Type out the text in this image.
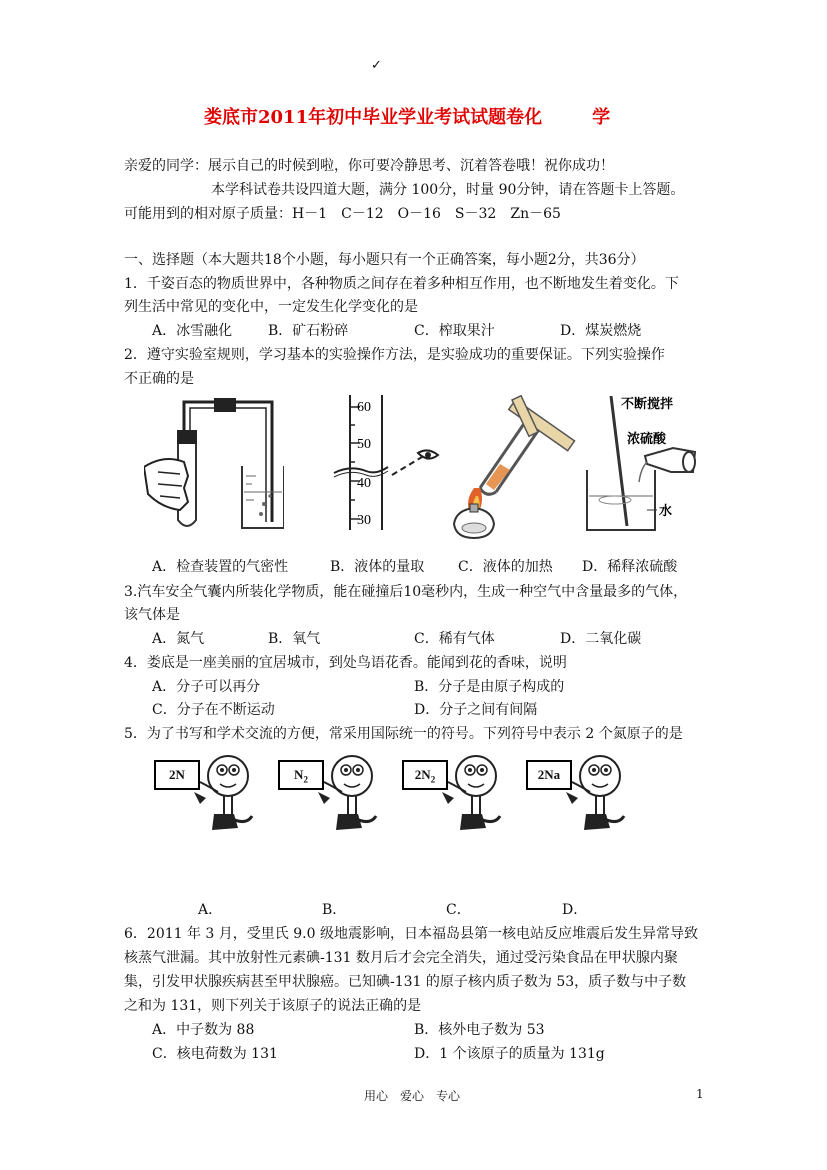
✓
娄底市2011年初中毕业学业考试试题卷化	学
亲爱的同学：展示自己的时候到啦，你可要冷静思考、沉着答卷哦！祝你成功！
本学科试卷共设四道大题，满分 100分，时量 90分钟，请在答题卡上答题。
可能用到的相对原子质量：H－1　C－12　O－16　S－32　Zn－65
一、选择题（本大题共18个小题，每小题只有一个正确答案，每小题2分，共36分）
1．千姿百态的物质世界中，各种物质之间存在着多种相互作用，也不断地发生着变化。下
列生活中常见的变化中，一定发生化学变化的是
A．冰雪融化	B．矿石粉碎	C．榨取果汁	D．煤炭燃烧
2．遵守实验室规则，学习基本的实验操作方法，是实验成功的重要保证。下列实验操作
不正确的是
60
50
40
30
不断搅拌
浓硫酸
水
A．检查装置的气密性	B．液体的量取 C．液体的加热 D．稀释浓硫酸
3.汽车安全气囊内所装化学物质，能在碰撞后10毫秒内，生成一种空气中含量最多的气体，
该气体是
A．氮气	B．氧气	C．稀有气体	D．二氧化碳
4．娄底是一座美丽的宜居城市，到处鸟语花香。能闻到花的香味，说明
A．分子可以再分	B．分子是由原子构成的
C．分子在不断运动	D．分子之间有间隔
5．为了书写和学术交流的方便，常采用国际统一的符号。下列符号中表示 2 个氮原子的是
2N	$N_2$	$2N_2$	2Na
A．	B．	C．	D．
6．2011 年 3 月，受里氏 9.0 级地震影响，日本福岛县第一核电站反应堆震后发生异常导致
核蒸气泄漏。其中放射性元素碘-131 数月后才会完全消失，通过受污染食品在甲状腺内聚
集，引发甲状腺疾病甚至甲状腺癌。已知碘-131 的原子核内质子数为 53，质子数与中子数
之和为 131，则下列关于该原子的说法正确的是
A．中子数为 88	B．核外电子数为 53
C．核电荷数为 131	D．1 个该原子的质量为 131g
用心　爱心　专心	1
